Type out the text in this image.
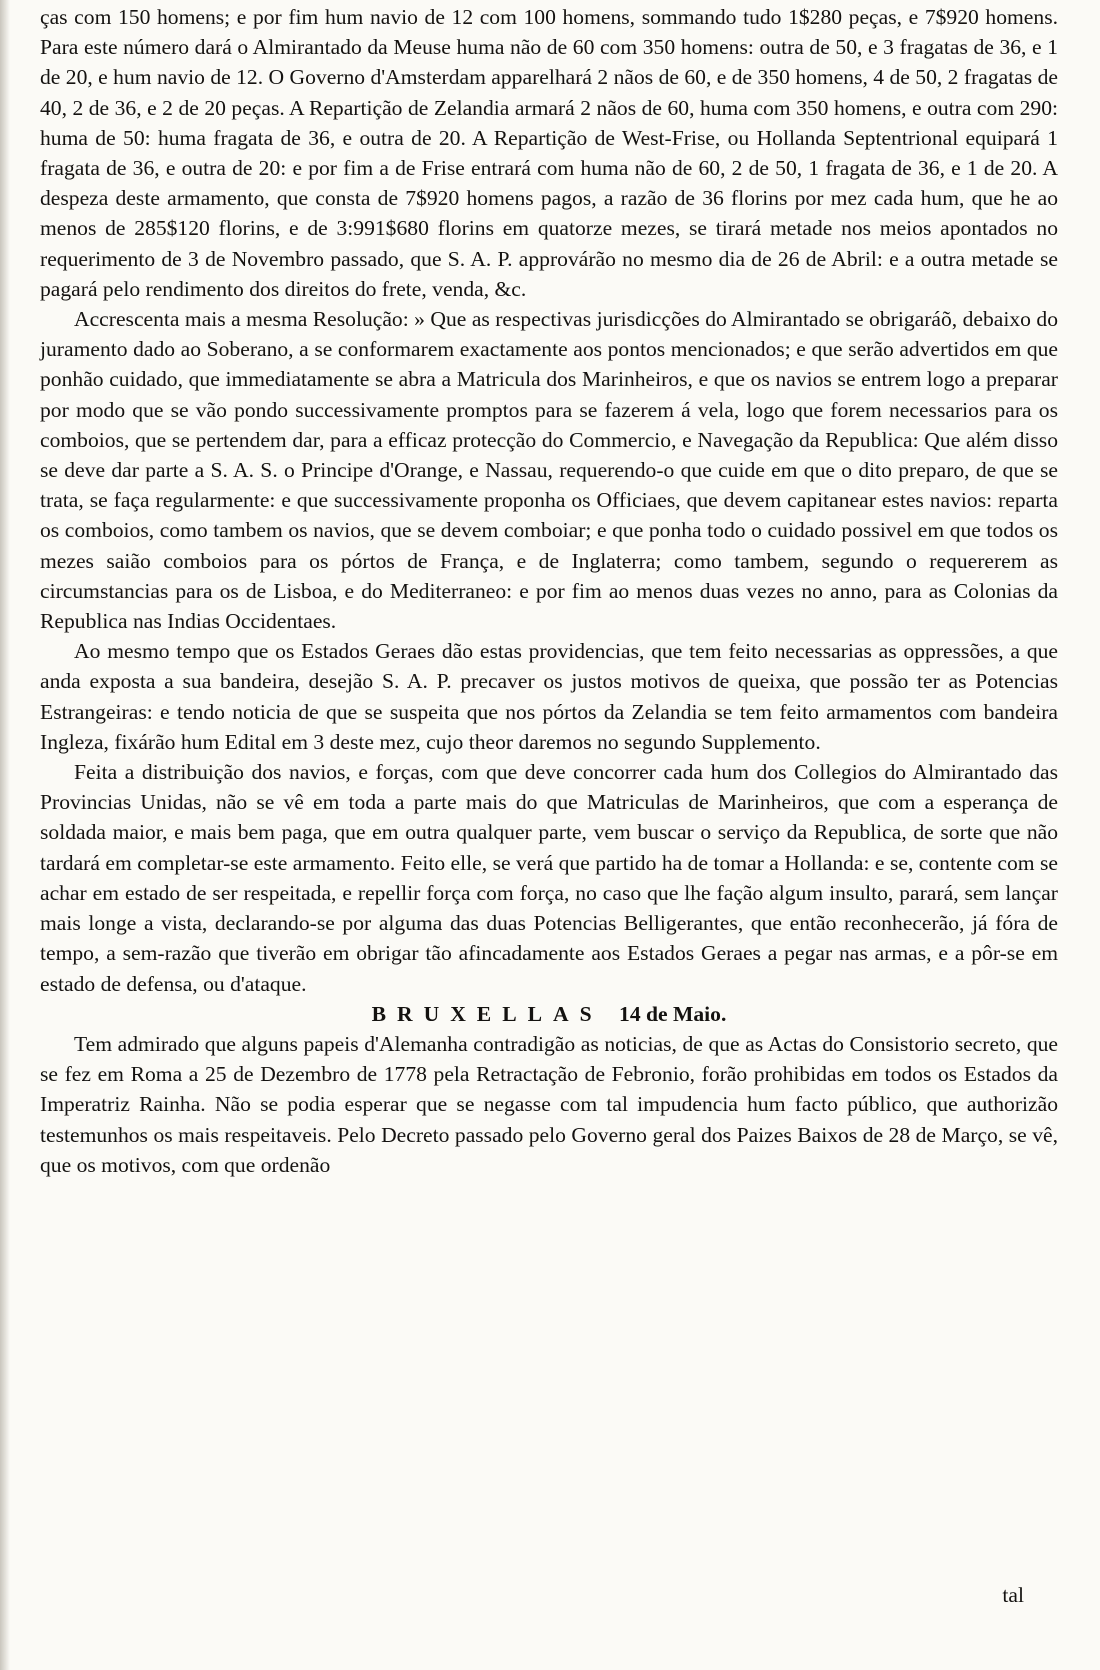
ças com 150 homens; e por fim hum navio de 12 com 100 homens, sommando tudo 1$280 peças, e 7$920 homens. Para este número dará o Almirantado da Meuse huma não de 60 com 350 homens: outra de 50, e 3 fragatas de 36, e 1 de 20, e hum navio de 12. O Governo d'Amsterdam apparelhará 2 nãos de 60, e de 350 homens, 4 de 50, 2 fragatas de 40, 2 de 36, e 2 de 20 peças. A Repartição de Zelandia armará 2 nãos de 60, huma com 350 homens, e outra com 290: huma de 50: huma fragata de 36, e outra de 20. A Repartição de West-Frise, ou Hollanda Septentrional equipará 1 fragata de 36, e outra de 20: e por fim a de Frise entrará com huma não de 60, 2 de 50, 1 fragata de 36, e 1 de 20. A despeza deste armamento, que consta de 7$920 homens pagos, a razão de 36 florins por mez cada hum, que he ao menos de 285$120 florins, e de 3:991$680 florins em quatorze mezes, se tirará metade nos meios apontados no requerimento de 3 de Novembro passado, que S. A. P. approvárão no mesmo dia de 26 de Abril: e a outra metade se pagará pelo rendimento dos direitos do frete, venda, &c.

Accrescenta mais a mesma Resolução: » Que as respectivas jurisdicções do Almirantado se obrigaráõ, debaixo do juramento dado ao Soberano, a se conformarem exactamente aos pontos mencionados; e que serão advertidos em que ponhão cuidado, que immediatamente se abra a Matricula dos Marinheiros, e que os navios se entrem logo a preparar por modo que se vão pondo successivamente promptos para se fazerem á vela, logo que forem necessarios para os comboios, que se pertendem dar, para a efficaz protecção do Commercio, e Navegação da Republica: Que além disso se deve dar parte a S. A. S. o Principe d'Orange, e Nassau, requerendo-o que cuide em que o dito preparo, de que se trata, se faça regularmente: e que successivamente proponha os Officiaes, que devem capitanear estes navios: reparta os comboios, como tambem os navios, que se devem comboiar; e que ponha todo o cuidado possivel em que todos os mezes saião comboios para os pórtos de França, e de Inglaterra; como tambem, segundo o requererem as circumstancias para os de Lisboa, e do Mediterraneo: e por fim ao menos duas vezes no anno, para as Colonias da Republica nas Indias Occidentaes.

Ao mesmo tempo que os Estados Geraes dão estas providencias, que tem feito necessarias as oppressões, a que anda exposta a sua bandeira, desejão S. A. P. precaver os justos motivos de queixa, que possão ter as Potencias Estrangeiras: e tendo noticia de que se suspeita que nos pórtos da Zelandia se tem feito armamentos com bandeira Ingleza, fixárão hum Edital em 3 deste mez, cujo theor daremos no segundo Supplemento.

Feita a distribuição dos navios, e forças, com que deve concorrer cada hum dos Collegios do Almirantado das Provincias Unidas, não se vê em toda a parte mais do que Matriculas de Marinheiros, que com a esperança de soldada maior, e mais bem paga, que em outra qualquer parte, vem buscar o serviço da Republica, de sorte que não tardará em completar-se este armamento. Feito elle, se verá que partido ha de tomar a Hollanda: e se, contente com se achar em estado de ser respeitada, e repellir força com força, no caso que lhe fação algum insulto, parará, sem lançar mais longe a vista, declarando-se por alguma das duas Potencias Belligerantes, que então reconhecerão, já fóra de tempo, a sem-razão que tiverão em obrigar tão afincadamente aos Estados Geraes a pegar nas armas, e a pôr-se em estado de defensa, ou d'ataque.

BRUXELLAS 14 de Maio.

Tem admirado que alguns papeis d'Alemanha contradigão as noticias, de que as Actas do Consistorio secreto, que se fez em Roma a 25 de Dezembro de 1778 pela Retractação de Febronio, forão prohibidas em todos os Estados da Imperatriz Rainha. Não se podia esperar que se negasse com tal impudencia hum facto público, que authorizão testemunhos os mais respeitaveis. Pelo Decreto passado pelo Governo geral dos Paizes Baixos de 28 de Março, se vê, que os motivos, com que ordenão

tal
